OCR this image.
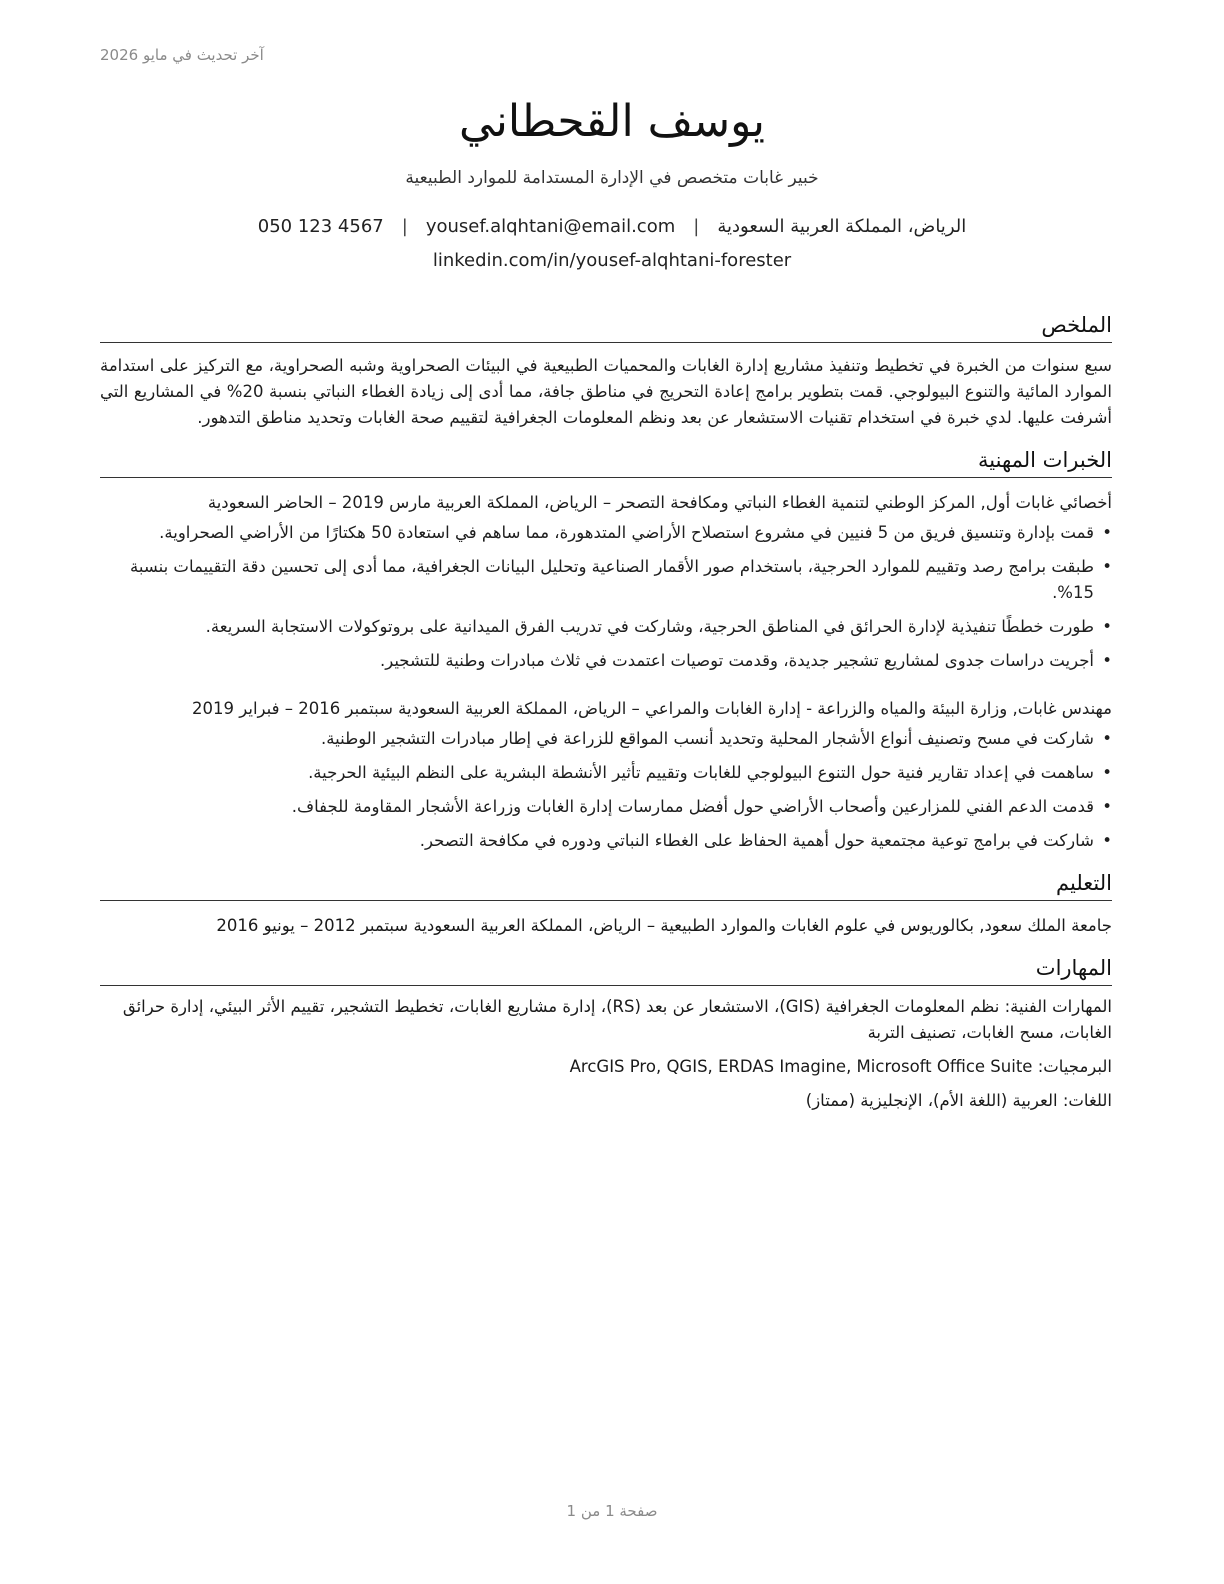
آخر تحديث في مايو 2026
يوسف القحطاني
خبير غابات متخصص في الإدارة المستدامة للموارد الطبيعية
الرياض، المملكة العربية السعودية|yousef.alqhtani@email.com|050 123 4567
linkedin.com/in/yousef-alqhtani-forester
الملخص

سبع سنوات من الخبرة في تخطيط وتنفيذ مشاريع إدارة الغابات والمحميات الطبيعية في البيئات الصحراوية وشبه الصحراوية، مع التركيز على استدامة الموارد المائية والتنوع البيولوجي. قمت بتطوير برامج إعادة التحريج في مناطق جافة، مما أدى إلى زيادة الغطاء النباتي بنسبة 20% في المشاريع التي أشرفت عليها. لدي خبرة في استخدام تقنيات الاستشعار عن بعد ونظم المعلومات الجغرافية لتقييم صحة الغابات وتحديد مناطق التدهور.

الخبرات المهنية
أخصائي غابات أول, المركز الوطني لتنمية الغطاء النباتي ومكافحة التصحر – الرياض، المملكة العربية مارس 2019 – الحاضر السعودية
•
قمت بإدارة وتنسيق فريق من 5 فنيين في مشروع استصلاح الأراضي المتدهورة، مما ساهم في استعادة 50 هكتارًا من الأراضي الصحراوية.
•
طبقت برامج رصد وتقييم للموارد الحرجية، باستخدام صور الأقمار الصناعية وتحليل البيانات الجغرافية، مما أدى إلى تحسين دقة التقييمات بنسبة 15%.
•
طورت خططًا تنفيذية لإدارة الحرائق في المناطق الحرجية، وشاركت في تدريب الفرق الميدانية على بروتوكولات الاستجابة السريعة.
•
أجريت دراسات جدوى لمشاريع تشجير جديدة، وقدمت توصيات اعتمدت في ثلاث مبادرات وطنية للتشجير.
مهندس غابات, وزارة البيئة والمياه والزراعة - إدارة الغابات والمراعي – الرياض، المملكة العربية السعودية سبتمبر 2016 – فبراير 2019
•
شاركت في مسح وتصنيف أنواع الأشجار المحلية وتحديد أنسب المواقع للزراعة في إطار مبادرات التشجير الوطنية.
•
ساهمت في إعداد تقارير فنية حول التنوع البيولوجي للغابات وتقييم تأثير الأنشطة البشرية على النظم البيئية الحرجية.
•
قدمت الدعم الفني للمزارعين وأصحاب الأراضي حول أفضل ممارسات إدارة الغابات وزراعة الأشجار المقاومة للجفاف.
•
شاركت في برامج توعية مجتمعية حول أهمية الحفاظ على الغطاء النباتي ودوره في مكافحة التصحر.
التعليم
جامعة الملك سعود, بكالوريوس في علوم الغابات والموارد الطبيعية – الرياض، المملكة العربية السعودية سبتمبر 2012 – يونيو 2016
المهارات
المهارات الفنية: نظم المعلومات الجغرافية (GIS)، الاستشعار عن بعد (RS)، إدارة مشاريع الغابات، تخطيط التشجير، تقييم الأثر البيئي، إدارة حرائق الغابات، مسح الغابات، تصنيف التربة
البرمجيات: ArcGIS Pro, QGIS, ERDAS Imagine, Microsoft Office Suite
اللغات: العربية (اللغة الأم)، الإنجليزية (ممتاز)
صفحة 1 من 1
